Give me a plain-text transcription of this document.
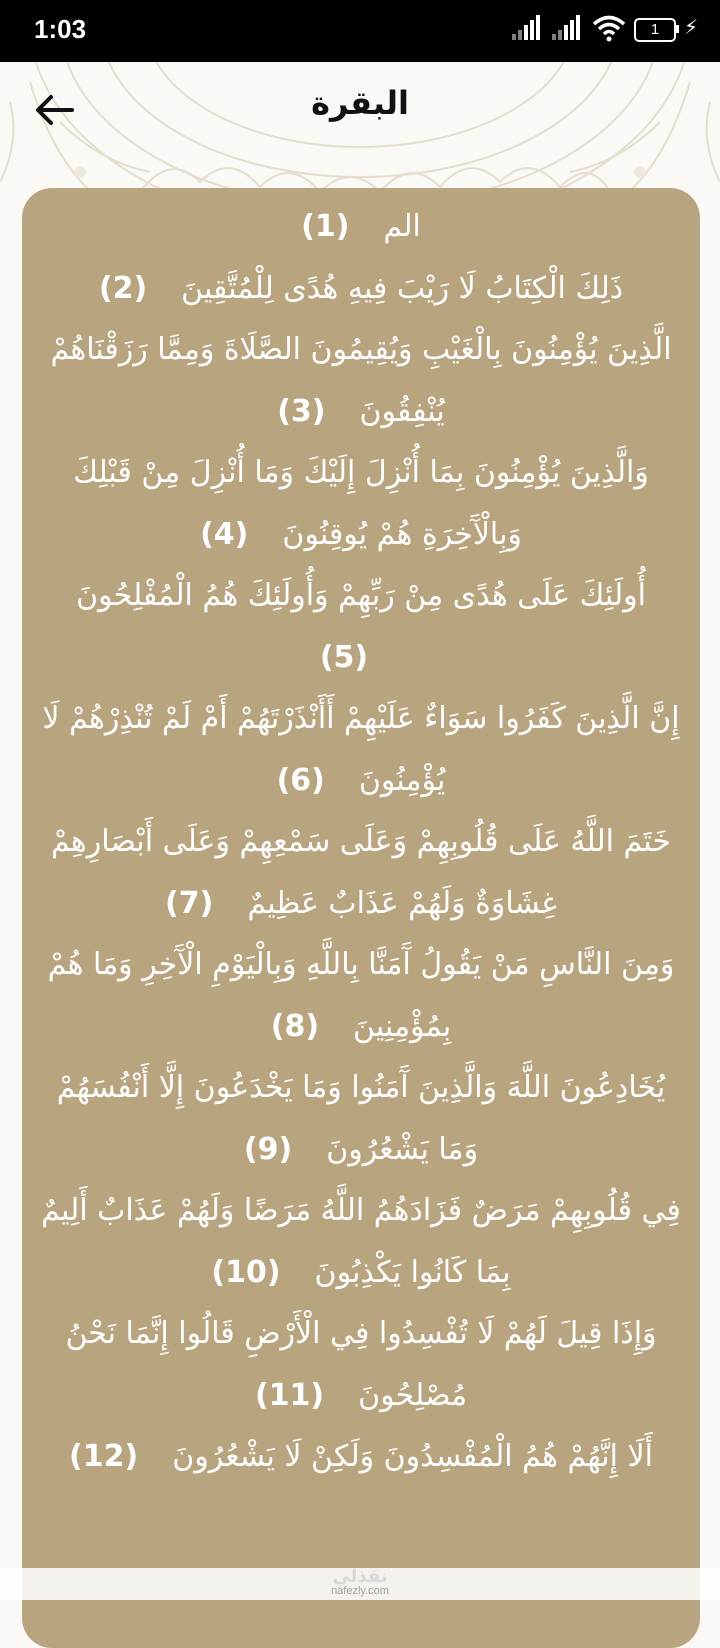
1:03	1	⚡
البقرة
الم(1)
ذَلِكَ الْكِتَابُ لَا رَيْبَ فِيهِ هُدًى لِلْمُتَّقِينَ(2)
الَّذِينَ يُؤْمِنُونَ بِالْغَيْبِ وَيُقِيمُونَ الصَّلَاةَ وَمِمَّا رَزَقْنَاهُمْ يُنْفِقُونَ(3)
وَالَّذِينَ يُؤْمِنُونَ بِمَا أُنْزِلَ إِلَيْكَ وَمَا أُنْزِلَ مِنْ قَبْلِكَ وَبِالْآَخِرَةِ هُمْ يُوقِنُونَ(4)
أُولَئِكَ عَلَى هُدًى مِنْ رَبِّهِمْ وَأُولَئِكَ هُمُ الْمُفْلِحُونَ(5)
إِنَّ الَّذِينَ كَفَرُوا سَوَاءٌ عَلَيْهِمْ أَأَنْذَرْتَهُمْ أَمْ لَمْ تُنْذِرْهُمْ لَا يُؤْمِنُونَ(6)
خَتَمَ اللَّهُ عَلَى قُلُوبِهِمْ وَعَلَى سَمْعِهِمْ وَعَلَى أَبْصَارِهِمْ غِشَاوَةٌ وَلَهُمْ عَذَابٌ عَظِيمٌ(7)
وَمِنَ النَّاسِ مَنْ يَقُولُ آَمَنَّا بِاللَّهِ وَبِالْيَوْمِ الْآَخِرِ وَمَا هُمْ بِمُؤْمِنِينَ(8)
يُخَادِعُونَ اللَّهَ وَالَّذِينَ آَمَنُوا وَمَا يَخْدَعُونَ إِلَّا أَنْفُسَهُمْ وَمَا يَشْعُرُونَ(9)
فِي قُلُوبِهِمْ مَرَضٌ فَزَادَهُمُ اللَّهُ مَرَضًا وَلَهُمْ عَذَابٌ أَلِيمٌ بِمَا كَانُوا يَكْذِبُونَ(10)
وَإِذَا قِيلَ لَهُمْ لَا تُفْسِدُوا فِي الْأَرْضِ قَالُوا إِنَّمَا نَحْنُ مُصْلِحُونَ(11)
أَلَا إِنَّهُمْ هُمُ الْمُفْسِدُونَ وَلَكِنْ لَا يَشْعُرُونَ(12)
نفذلي
nafezly.com
